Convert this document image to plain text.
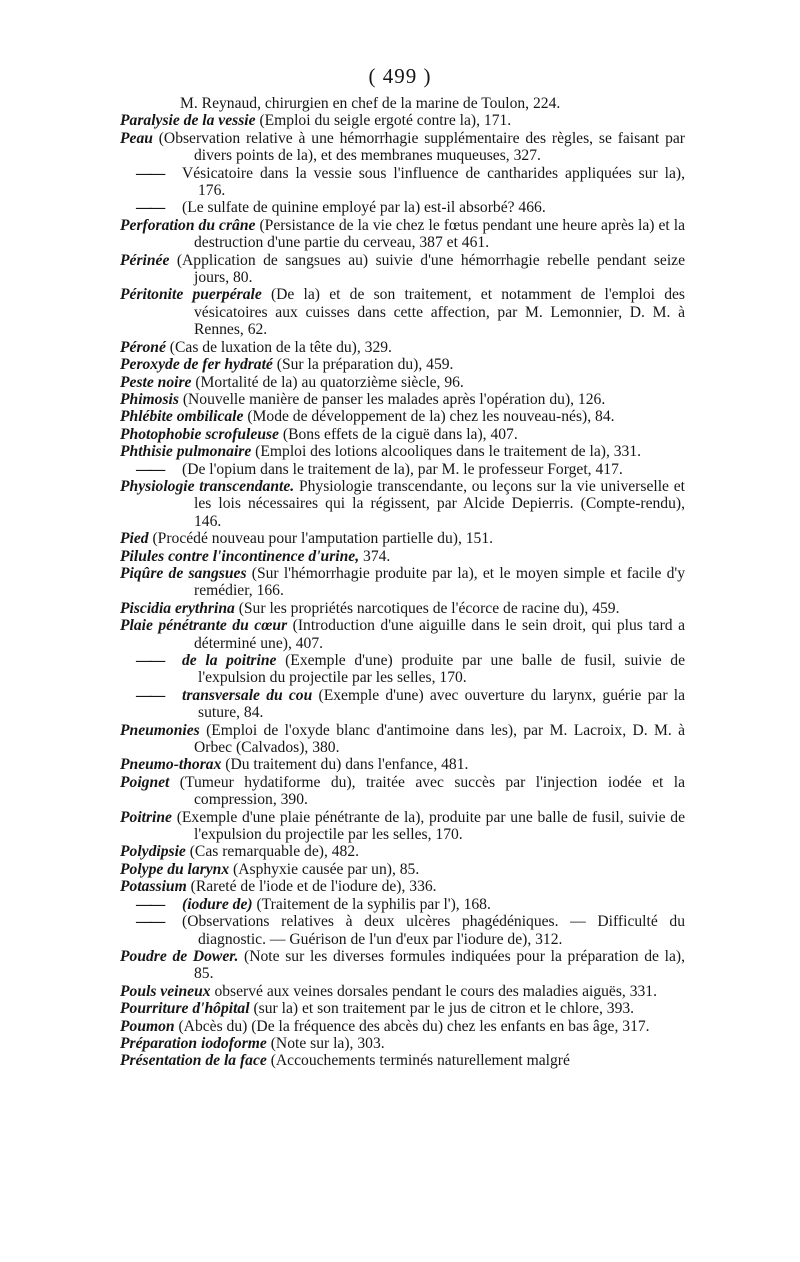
( 499 )
M. Reynaud, chirurgien en chef de la marine de Toulon, 224.
Paralysie de la vessie (Emploi du seigle ergoté contre la), 171.
Peau (Observation relative à une hémorrhagie supplémentaire des règles, se faisant par divers points de la), et des membranes muqueuses, 327.
——Vésicatoire dans la vessie sous l'influence de cantharides appliquées sur la), 176.
——(Le sulfate de quinine employé par la) est-il absorbé? 466.
Perforation du crâne (Persistance de la vie chez le fœtus pendant une heure après la) et la destruction d'une partie du cerveau, 387 et 461.
Périnée (Application de sangsues au) suivie d'une hémorrhagie rebelle pendant seize jours, 80.
Péritonite puerpérale (De la) et de son traitement, et notamment de l'emploi des vésicatoires aux cuisses dans cette affection, par M. Lemonnier, D. M. à Rennes, 62.
Péroné (Cas de luxation de la tête du), 329.
Peroxyde de fer hydraté (Sur la préparation du), 459.
Peste noire (Mortalité de la) au quatorzième siècle, 96.
Phimosis (Nouvelle manière de panser les malades après l'opération du), 126.
Phlébite ombilicale (Mode de développement de la) chez les nouveau-nés), 84.
Photophobie scrofuleuse (Bons effets de la ciguë dans la), 407.
Phthisie pulmonaire (Emploi des lotions alcooliques dans le traitement de la), 331.
——(De l'opium dans le traitement de la), par M. le professeur Forget, 417.
Physiologie transcendante. Physiologie transcendante, ou leçons sur la vie universelle et les lois nécessaires qui la régissent, par Alcide Depierris. (Compte-rendu), 146.
Pied (Procédé nouveau pour l'amputation partielle du), 151.
Pilules contre l'incontinence d'urine, 374.
Piqûre de sangsues (Sur l'hémorrhagie produite par la), et le moyen simple et facile d'y remédier, 166.
Piscidia erythrina (Sur les propriétés narcotiques de l'écorce de racine du), 459.
Plaie pénétrante du cœur (Introduction d'une aiguille dans le sein droit, qui plus tard a déterminé une), 407.
——de la poitrine (Exemple d'une) produite par une balle de fusil, suivie de l'expulsion du projectile par les selles, 170.
——transversale du cou (Exemple d'une) avec ouverture du larynx, guérie par la suture, 84.
Pneumonies (Emploi de l'oxyde blanc d'antimoine dans les), par M. Lacroix, D. M. à Orbec (Calvados), 380.
Pneumo-thorax (Du traitement du) dans l'enfance, 481.
Poignet (Tumeur hydatiforme du), traitée avec succès par l'injection iodée et la compression, 390.
Poitrine (Exemple d'une plaie pénétrante de la), produite par une balle de fusil, suivie de l'expulsion du projectile par les selles, 170.
Polydipsie (Cas remarquable de), 482.
Polype du larynx (Asphyxie causée par un), 85.
Potassium (Rareté de l'iode et de l'iodure de), 336.
——(iodure de) (Traitement de la syphilis par l'), 168.
——(Observations relatives à deux ulcères phagédéniques. — Difficulté du diagnostic. — Guérison de l'un d'eux par l'iodure de), 312.
Poudre de Dower. (Note sur les diverses formules indiquées pour la préparation de la), 85.
Pouls veineux observé aux veines dorsales pendant le cours des maladies aiguës, 331.
Pourriture d'hôpital (sur la) et son traitement par le jus de citron et le chlore, 393.
Poumon (Abcès du) (De la fréquence des abcès du) chez les enfants en bas âge, 317.
Préparation iodoforme (Note sur la), 303.
Présentation de la face (Accouchements terminés naturellement malgré
